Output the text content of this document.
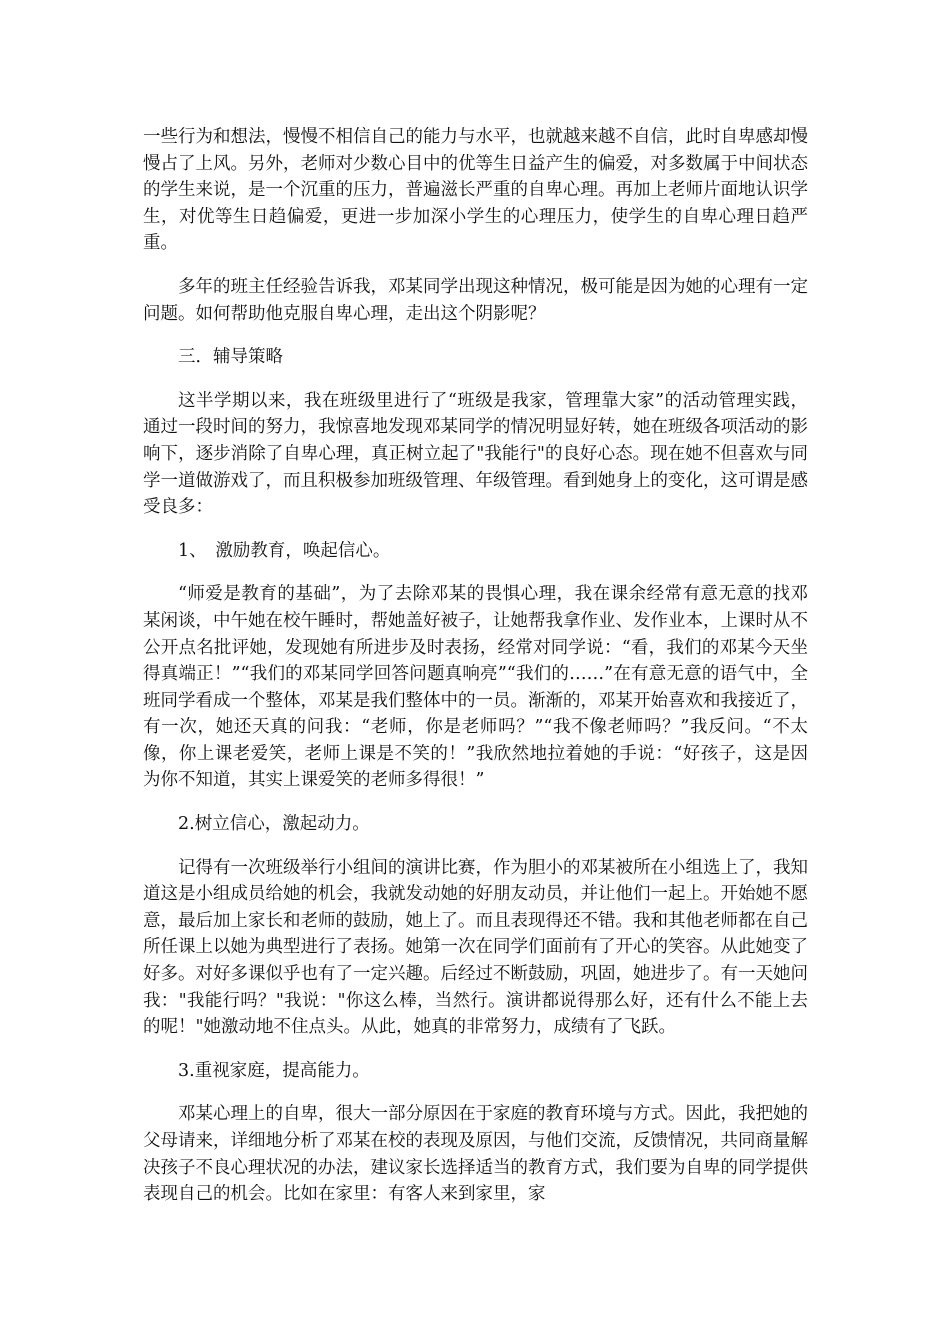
一些行为和想法，慢慢不相信自己的能力与水平，也就越来越不自信，此时自卑感却慢慢占了上风。另外，老师对少数心目中的优等生日益产生的偏爱，对多数属于中间状态的学生来说，是一个沉重的压力，普遍滋长严重的自卑心理。再加上老师片面地认识学生，对优等生日趋偏爱，更进一步加深小学生的心理压力，使学生的自卑心理日趋严重。

多年的班主任经验告诉我，邓某同学出现这种情况，极可能是因为她的心理有一定问题。如何帮助他克服自卑心理，走出这个阴影呢？

三．辅导策略

这半学期以来，我在班级里进行了“班级是我家，管理靠大家”的活动管理实践，通过一段时间的努力，我惊喜地发现邓某同学的情况明显好转，她在班级各项活动的影响下，逐步消除了自卑心理，真正树立起了"我能行"的良好心态。现在她不但喜欢与同学一道做游戏了，而且积极参加班级管理、年级管理。看到她身上的变化，这可谓是感受良多：

1、　激励教育，唤起信心。

“师爱是教育的基础”，为了去除邓某的畏惧心理，我在课余经常有意无意的找邓某闲谈，中午她在校午睡时，帮她盖好被子，让她帮我拿作业、发作业本，上课时从不公开点名批评她，发现她有所进步及时表扬，经常对同学说：“看，我们的邓某今天坐得真端正！”“我们的邓某同学回答问题真响亮”“我们的……”在有意无意的语气中，全班同学看成一个整体，邓某是我们整体中的一员。渐渐的，邓某开始喜欢和我接近了，有一次，她还天真的问我：“老师，你是老师吗？”“我不像老师吗？”我反问。“不太像，你上课老爱笑，老师上课是不笑的！”我欣然地拉着她的手说：“好孩子，这是因为你不知道，其实上课爱笑的老师多得很！”

2.树立信心，激起动力。

记得有一次班级举行小组间的演讲比赛，作为胆小的邓某被所在小组选上了，我知道这是小组成员给她的机会，我就发动她的好朋友动员，并让他们一起上。开始她不愿意，最后加上家长和老师的鼓励，她上了。而且表现得还不错。我和其他老师都在自己所任课上以她为典型进行了表扬。她第一次在同学们面前有了开心的笑容。从此她变了好多。对好多课似乎也有了一定兴趣。后经过不断鼓励，巩固，她进步了。有一天她问我："我能行吗？"我说："你这么棒，当然行。演讲都说得那么好，还有什么不能上去的呢！"她激动地不住点头。从此，她真的非常努力，成绩有了飞跃。

3.重视家庭，提高能力。

邓某心理上的自卑，很大一部分原因在于家庭的教育环境与方式。因此，我把她的父母请来，详细地分析了邓某在校的表现及原因，与他们交流，反馈情况，共同商量解决孩子不良心理状况的办法，建议家长选择适当的教育方式，我们要为自卑的同学提供表现自己的机会。比如在家里：有客人来到家里，家
